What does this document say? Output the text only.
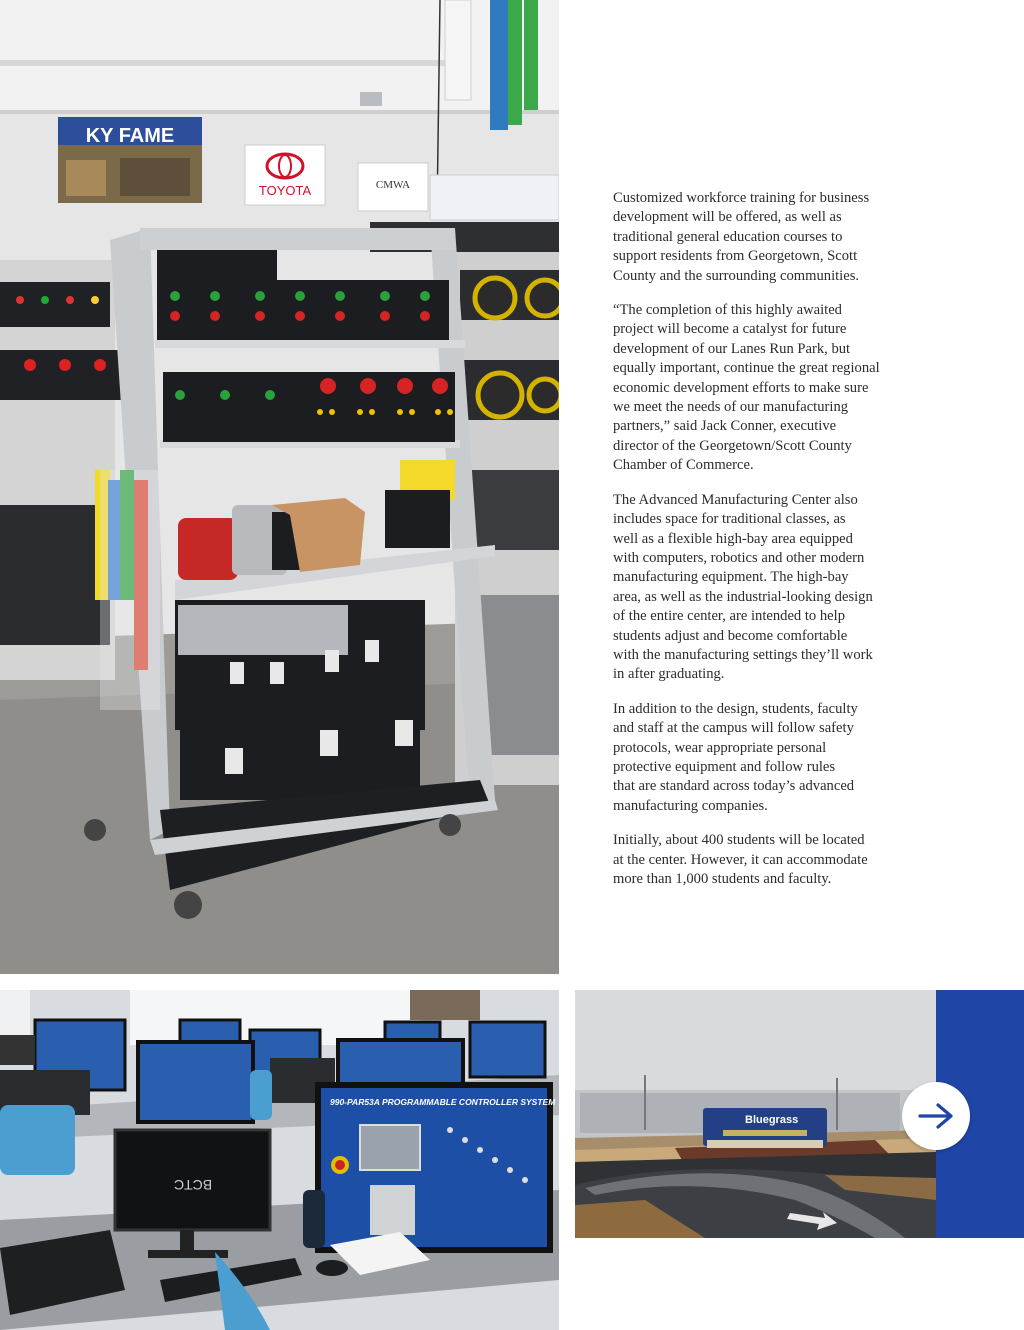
KY FAME
TOYOTA	CMWA
990-PAR53A PROGRAMMABLE CONTROLLER SYSTEM
BCTC
Bluegrass

Customized workforce training for business
development will be offered, as well as
traditional general education courses to
support residents from Georgetown, Scott
County and the surrounding communities.

“The completion of this highly awaited
project will become a catalyst for future
development of our Lanes Run Park, but
equally important, continue the great regional
economic development efforts to make sure
we meet the needs of our manufacturing
partners,” said Jack Conner, executive
director of the Georgetown/Scott County
Chamber of Commerce.

The Advanced Manufacturing Center also
includes space for traditional classes, as
well as a flexible high-bay area equipped
with computers, robotics and other modern
manufacturing equipment. The high-bay
area, as well as the industrial-looking design
of the entire center, are intended to help
students adjust and become comfortable
with the manufacturing settings they’ll work
in after graduating.

In addition to the design, students, faculty
and staff at the campus will follow safety
protocols, wear appropriate personal
protective equipment and follow rules
that are standard across today’s advanced
manufacturing companies.

Initially, about 400 students will be located
at the center. However, it can accommodate
more than 1,000 students and faculty.
